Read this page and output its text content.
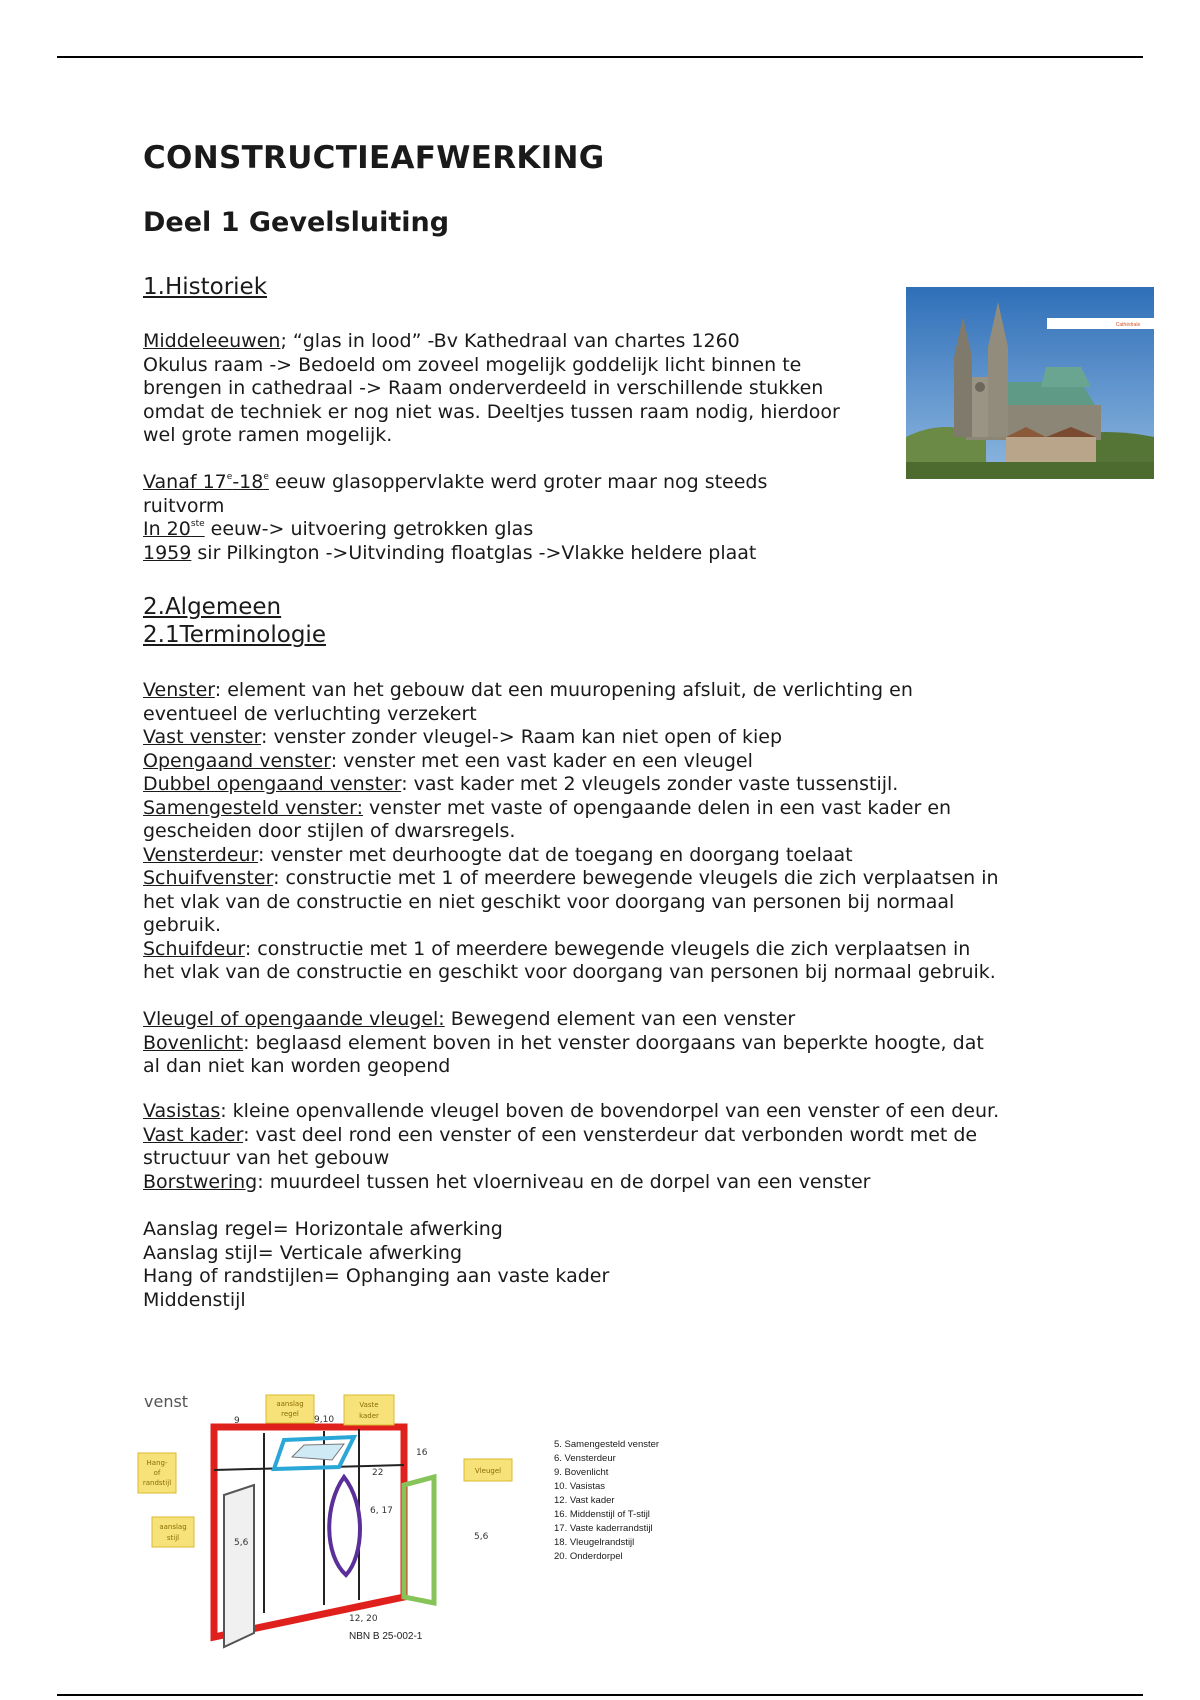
CONSTRUCTIEAFWERKING
Deel 1 Gevelsluiting
1.Historiek
Middeleeuwen; “glas in lood” -Bv Kathedraal van chartes 1260
Okulus raam -> Bedoeld om zoveel mogelijk goddelijk licht binnen te
brengen in cathedraal -> Raam onderverdeeld in verschillende stukken
omdat de techniek er nog niet was. Deeltjes tussen raam nodig, hierdoor
wel grote ramen mogelijk.
Vanaf 17e-18e eeuw glasoppervlakte werd groter maar nog steeds
ruitvorm
In 20ste eeuw-> uitvoering getrokken glas
1959 sir Pilkington ->Uitvinding floatglas ->Vlakke heldere plaat
2.Algemeen
2.1Terminologie
Venster: element van het gebouw dat een muuropening afsluit, de verlichting en
eventueel de verluchting verzekert
Vast venster: venster zonder vleugel-> Raam kan niet open of kiep
Opengaand venster: venster met een vast kader en een vleugel
Dubbel opengaand venster: vast kader met 2 vleugels zonder vaste tussenstijl.
Samengesteld venster: venster met vaste of opengaande delen in een vast kader en
gescheiden door stijlen of dwarsregels.
Vensterdeur: venster met deurhoogte dat de toegang en doorgang toelaat
Schuifvenster: constructie met 1 of meerdere bewegende vleugels die zich verplaatsen in
het vlak van de constructie en niet geschikt voor doorgang van personen bij normaal
gebruik.
Schuifdeur: constructie met 1 of meerdere bewegende vleugels die zich verplaatsen in
het vlak van de constructie en geschikt voor doorgang van personen bij normaal gebruik.
Vleugel of opengaande vleugel: Bewegend element van een venster
Bovenlicht: beglaasd element boven in het venster doorgaans van beperkte hoogte, dat
al dan niet kan worden geopend
Vasistas: kleine openvallende vleugel boven de bovendorpel van een venster of een deur.
Vast kader: vast deel rond een venster of een vensterdeur dat verbonden wordt met de
structuur van het gebouw
Borstwering: muurdeel tussen het vloerniveau en de dorpel van een venster
Aanslag regel= Horizontale afwerking
Aanslag stijl= Verticale afwerking
Hang of randstijlen= Ophanging aan vaste kader
Middenstijl
Cathédrale
venst
9	9,10
16
22
6, 17
5,6
5,6
12, 20
NBN B 25-002-1
aanslag
regel
Vaste
kader
Hang-
of
randstijl
Vleugel
aanslag
stijl
5. Samengesteld venster
6. Vensterdeur
9. Bovenlicht
10. Vasistas
12. Vast kader
16. Middenstijl of T-stijl
17. Vaste kaderrandstijl
18. Vleugelrandstijl
20. Onderdorpel
